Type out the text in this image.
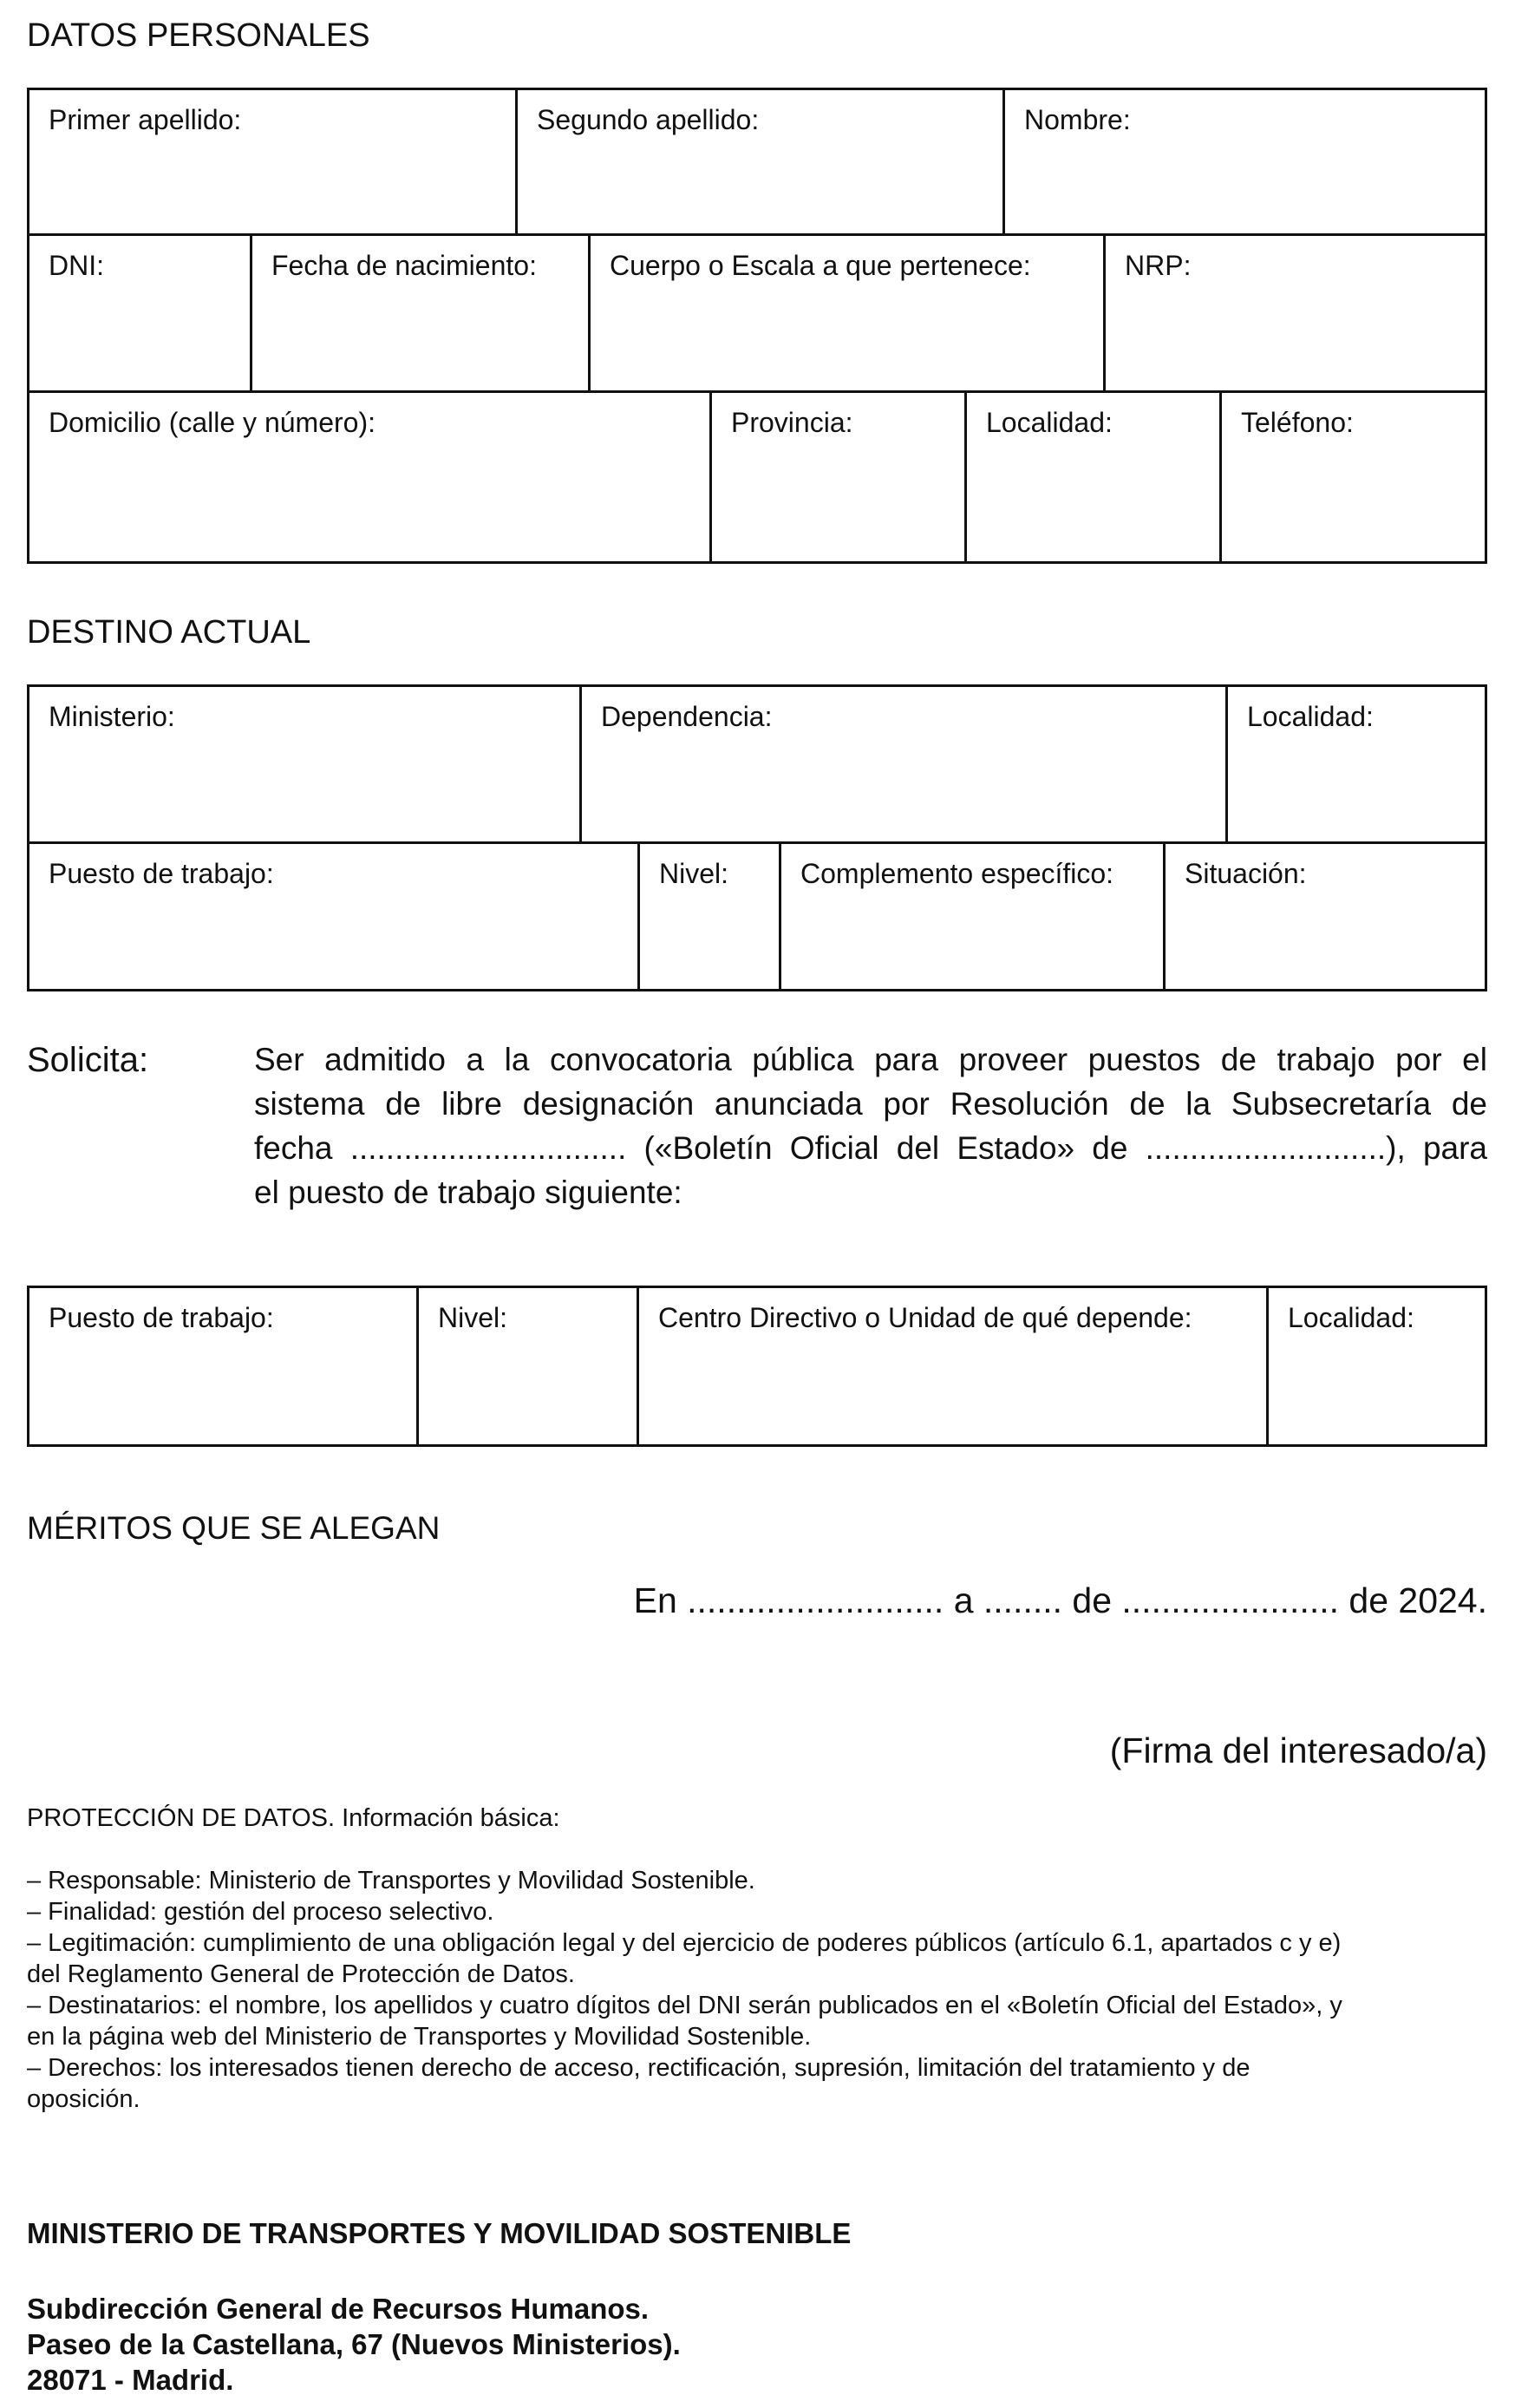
DATOS PERSONALES
Primer apellido:	Segundo apellido:	Nombre:
DNI:	Fecha de nacimiento:	Cuerpo o Escala a que pertenece:	NRP:
Domicilio (calle y número):	Provincia:	Localidad:	Teléfono:
DESTINO ACTUAL
Ministerio:	Dependencia:	Localidad:
Puesto de trabajo:	Nivel:	Complemento específico:	Situación:
Solicita:	Ser admitido a la convocatoria pública para proveer puestos de trabajo por el
sistema de libre designación anunciada por Resolución de la Subsecretaría de
fecha ............................... («Boletín Oficial del Estado» de ...........................), para
el puesto de trabajo siguiente:
Puesto de trabajo:	Nivel:	Centro Directivo o Unidad de qué depende:	Localidad:
MÉRITOS QUE SE ALEGAN
En .......................... a ........ de ...................... de 2024.
(Firma del interesado/a)
PROTECCIÓN DE DATOS. Información básica:
– Responsable: Ministerio de Transportes y Movilidad Sostenible.
– Finalidad: gestión del proceso selectivo.
– Legitimación: cumplimiento de una obligación legal y del ejercicio de poderes públicos (artículo 6.1, apartados c y e)
del Reglamento General de Protección de Datos.
– Destinatarios: el nombre, los apellidos y cuatro dígitos del DNI serán publicados en el «Boletín Oficial del Estado», y
en la página web del Ministerio de Transportes y Movilidad Sostenible.
– Derechos: los interesados tienen derecho de acceso, rectificación, supresión, limitación del tratamiento y de
oposición.
MINISTERIO DE TRANSPORTES Y MOVILIDAD SOSTENIBLE
Subdirección General de Recursos Humanos.
Paseo de la Castellana, 67 (Nuevos Ministerios).
28071 - Madrid.
